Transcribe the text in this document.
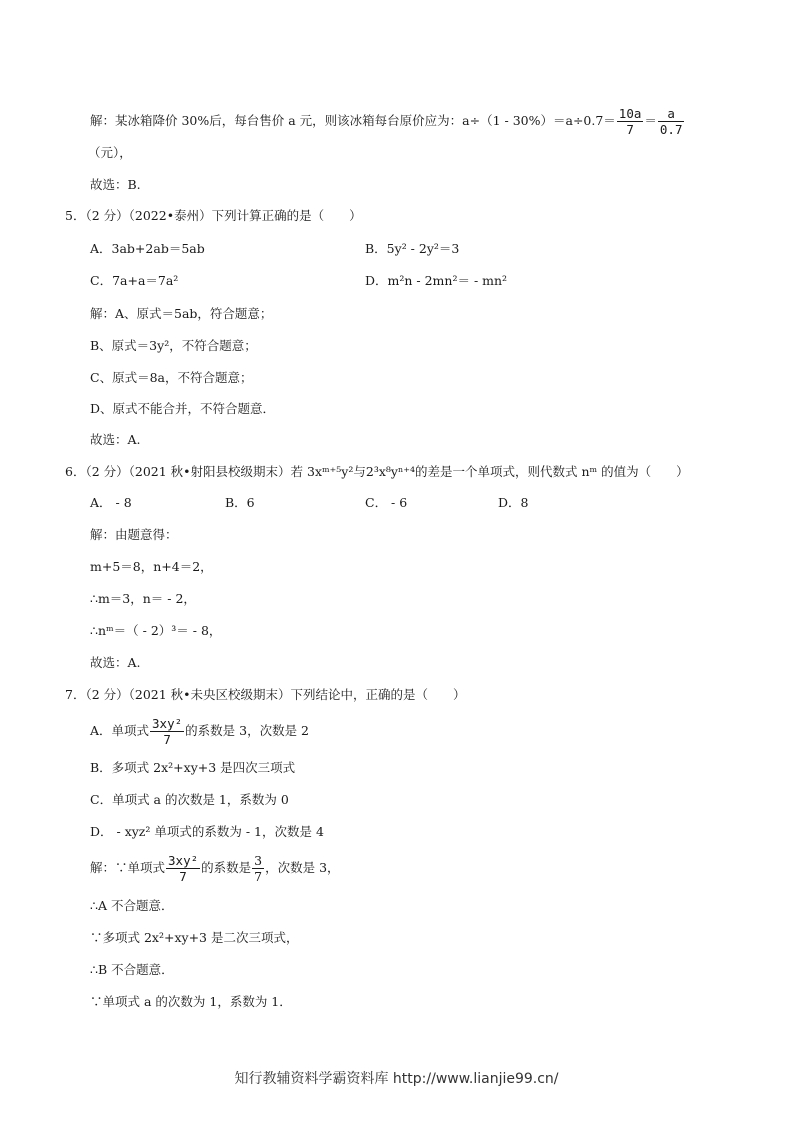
解：某冰箱降价 30%后，每台售价 a 元，则该冰箱每台原价应为：$a\div(1 - 30\%)=a\div 0.7= \frac{10a}{7} = \frac{a}{0.7}$
（元），
故选：B.
5．（2 分）（2022•泰州）下列计算正确的是（　　）
A．3ab+2ab＝5ab	B．5y² - 2y²＝3
C．7a+a＝7a²	D．m²n - 2mn²＝ - mn²
解：A、原式＝5ab，符合题意；
B、原式＝3y²，不符合题意；
C、原式＝8a，不符合题意；
D、原式不能合并，不符合题意．
故选：A.
6．（2 分）（2021 秋•射阳县校级期末）若 3xᵐ⁺⁵y²与2³x⁸yⁿ⁺⁴的差是一个单项式，则代数式 nᵐ 的值为（　　）
A． - 8	B．6	C． - 6	D．8
解：由题意得：
m+5＝8，n+4＝2，
∴m＝3，n＝ - 2，
∴nᵐ＝（ - 2）³＝ - 8，
故选：A.
7．（2 分）（2021 秋•未央区校级期末）下列结论中，正确的是（　　）
A．单项式 $\frac{\text{3xy²}}{7}$ 的系数是 3，次数是 2
B．多项式 2x²+xy+3 是四次三项式
C．单项式 a 的次数是 1，系数为 0
D． - xyz² 单项式的系数为 - 1，次数是 4
解：∵单项式 $\frac{\text{3xy²}}{7}$ 的系数是 $\frac{3}{7}$ ，次数是 3，
∴A 不合题意．
∵多项式 2x²+xy+3 是二次三项式，
∴B 不合题意．
∵单项式 a 的次数为 1，系数为 1．
知行教辅资料学霸资料库 http://www.lianjie99.cn/
